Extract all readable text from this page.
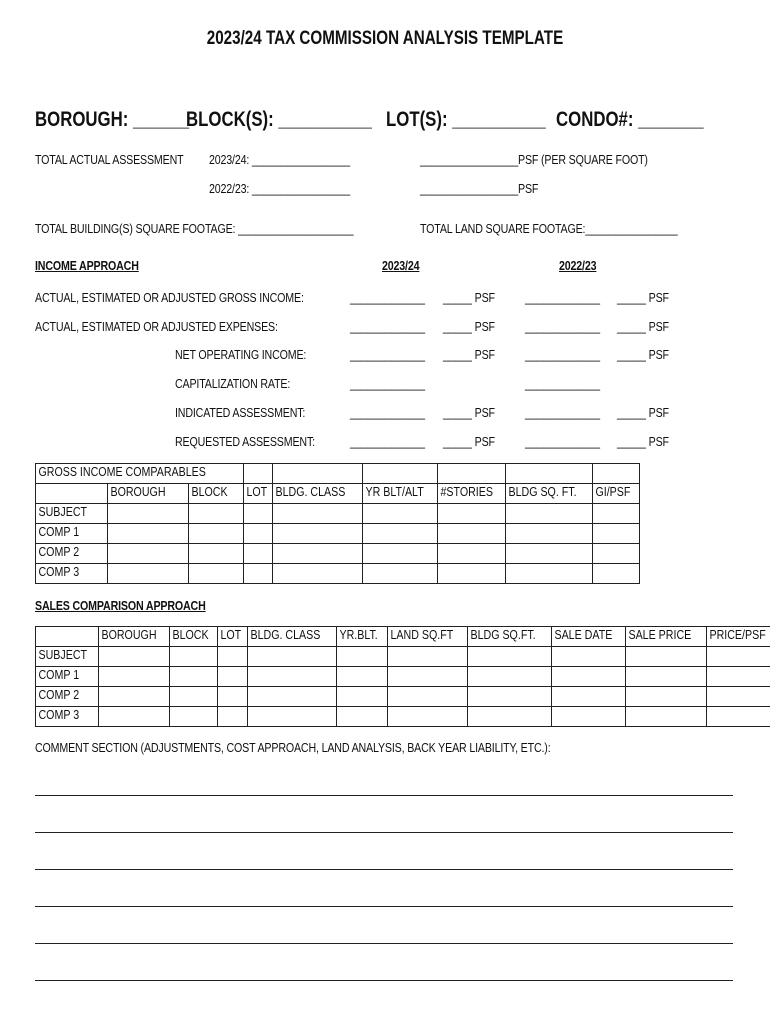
2023/24 TAX COMMISSION ANALYSIS TEMPLATE
BOROUGH: ______
BLOCK(S): __________ LOT(S): __________ CONDO#: _______
TOTAL ACTUAL ASSESSMENT 2023/24: _________________
2022/23: _________________
_________________PSF (PER SQUARE FOOT)
_________________PSF
TOTAL BUILDING(S) SQUARE FOOTAGE: ____________________	TOTAL LAND SQUARE FOOTAGE:________________
INCOME APPROACH	2023/24	2022/23
ACTUAL, ESTIMATED OR ADJUSTED GROSS INCOME:	_____________ _____ PSF _____________ _____ PSF
ACTUAL, ESTIMATED OR ADJUSTED EXPENSES:	_____________ _____ PSF _____________ _____ PSF
NET OPERATING INCOME:	_____________ _____ PSF _____________ _____ PSF
CAPITALIZATION RATE:	_____________	_____________
INDICATED ASSESSMENT:	_____________ _____ PSF _____________ _____ PSF
REQUESTED ASSESSMENT:	_____________ _____ PSF _____________ _____ PSF
GROSS INCOME COMPARABLES								
	BOROUGH	BLOCK	LOT	BLDG. CLASS	YR BLT/ALT	#STORIES	BLDG SQ. FT.	GI/PSF
SUBJECT								
COMP 1								
COMP 2								
COMP 3								
SALES COMPARISON APPROACH
	BOROUGH	BLOCK	LOT	BLDG. CLASS	YR.BLT.	LAND SQ.FT	BLDG SQ.FT.	SALE DATE	SALE PRICE	PRICE/PSF
SUBJECT										
COMP 1										
COMP 2										
COMP 3										
COMMENT SECTION (ADJUSTMENTS, COST APPROACH, LAND ANALYSIS, BACK YEAR LIABILITY, ETC.):
